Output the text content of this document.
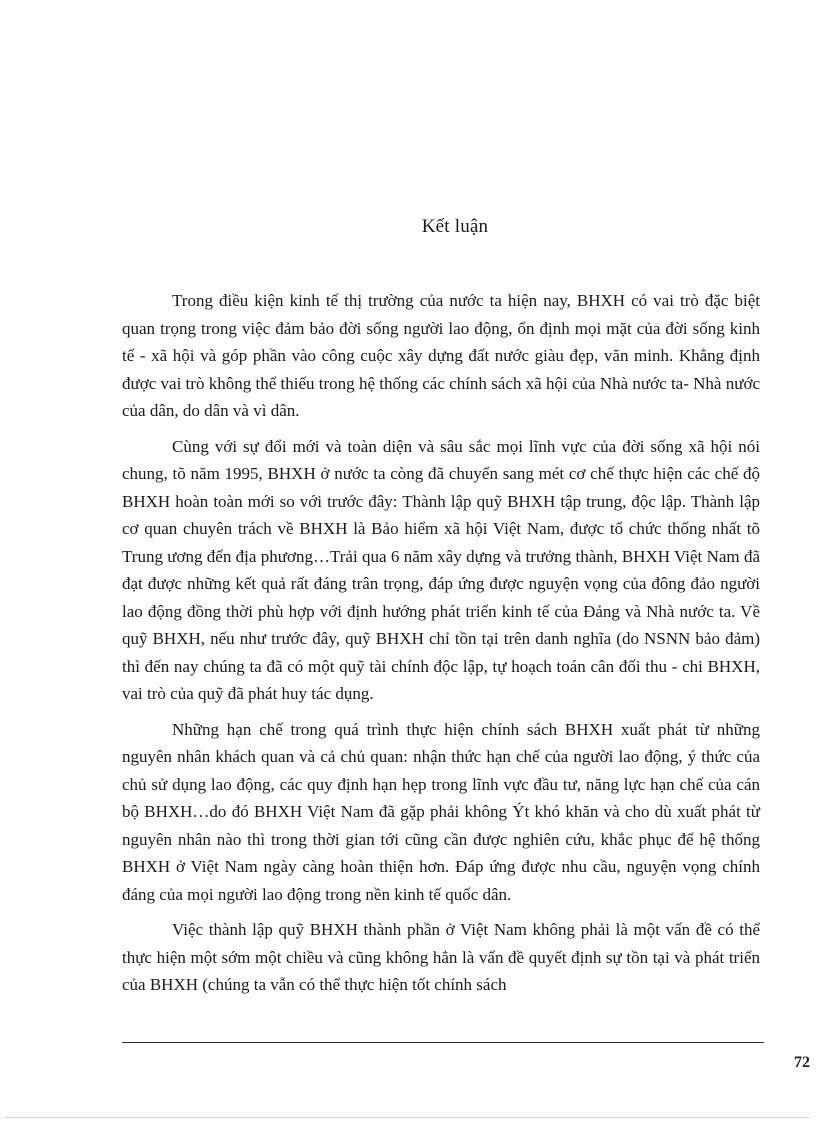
Kết luận

Trong điều kiện kinh tế thị trường của nước ta hiện nay, BHXH có vai trò đặc biệt quan trọng trong việc đảm bảo đời sống người lao động, ổn định mọi mặt của đời sống kinh tế - xã hội và góp phần vào công cuộc xây dựng đất nước giàu đẹp, văn minh. Khẳng định được vai trò không thể thiếu trong hệ thống các chính sách xã hội của Nhà nước ta- Nhà nước của dân, do dân và vì dân.

Cùng với sự đổi mới và toàn diện và sâu sắc mọi lĩnh vực của đời sống xã hội nói chung, tõ năm 1995, BHXH ở nước ta còng đã chuyển sang mét cơ chế thực hiện các chế độ BHXH hoàn toàn mới so với trước đây: Thành lập quỹ BHXH tập trung, độc lập. Thành lập cơ quan chuyên trách về BHXH là Bảo hiểm xã hội Việt Nam, được tổ chức thống nhất tõ Trung ương đến địa phương…Trải qua 6 năm xây dựng và trưởng thành, BHXH Việt Nam đã đạt được những kết quả rất đáng trân trọng, đáp ứng được nguyện vọng của đông đảo người lao động đồng thời phù hợp với định hướng phát triển kinh tế của Đảng và Nhà nước ta. Về quỹ BHXH, nếu như trước đây, quỹ BHXH chỉ tồn tại trên danh nghĩa (do NSNN bảo đảm) thì đến nay chúng ta đã có một quỹ tài chính độc lập, tự hoạch toán cân đối thu - chi BHXH, vai trò của quỹ đã phát huy tác dụng.

Những hạn chế trong quá trình thực hiện chính sách BHXH xuất phát từ những nguyên nhân khách quan và cả chủ quan: nhận thức hạn chế của người lao động, ý thức của chủ sử dụng lao động, các quy định hạn hẹp trong lĩnh vực đầu tư, năng lực hạn chế của cán bộ BHXH…do đó BHXH Việt Nam đã gặp phải không Ýt khó khăn và cho dù xuất phát từ nguyên nhân nào thì trong thời gian tới cũng cần được nghiên cứu, khắc phục để hệ thống BHXH ở Việt Nam ngày càng hoàn thiện hơn. Đáp ứng được nhu cầu, nguyện vọng chính đáng của mọi người lao động trong nền kinh tế quốc dân.

Việc thành lập quỹ BHXH thành phần ở Việt Nam không phải là một vấn đề có thể thực hiện một sớm một chiều và cũng không hẳn là vấn đề quyết định sự tồn tại và phát triển của BHXH (chúng ta vẫn có thể thực hiện tốt chính sách

72
